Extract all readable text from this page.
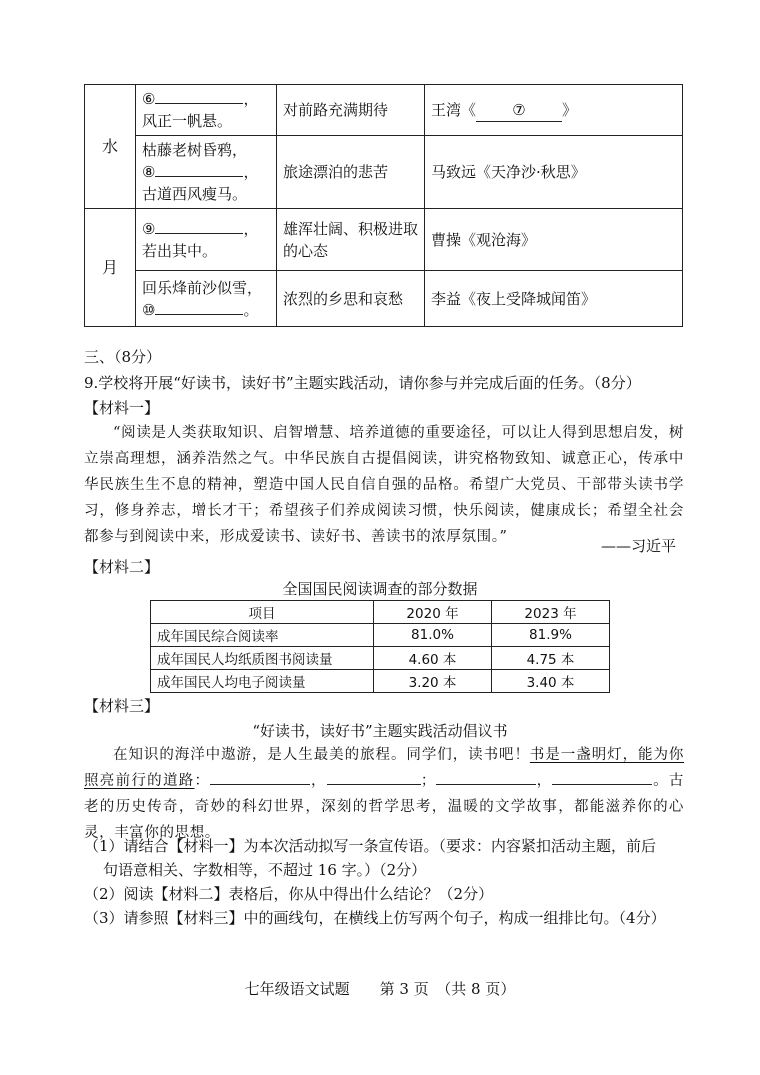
水	⑥ ，
风正一帆悬。	对前路充满期待	王湾《 ⑦ 》
	枯藤老树昏鸦，
⑧ ，
古道西风瘦马。	旅途漂泊的悲苦	马致远《天净沙·秋思》
月	⑨ ，
若出其中。	雄浑壮阔、积极进取
的心态	曹操《观沧海》
	回乐烽前沙似雪，
⑩ 。	浓烈的乡思和哀愁	李益《夜上受降城闻笛》
三、（8分）
9.学校将开展“好读书，读好书”主题实践活动，请你参与并完成后面的任务。（8分）
【材料一】
“阅读是人类获取知识、启智增慧、培养道德的重要途径，可以让人得到思想启发，树立崇高理想，涵养浩然之气。中华民族自古提倡阅读，讲究格物致知、诚意正心，传承中华民族生生不息的精神，塑造中国人民自信自强的品格。希望广大党员、干部带头读书学习，修身养志，增长才干；希望孩子们养成阅读习惯，快乐阅读，健康成长；希望全社会都参与到阅读中来，形成爱读书、读好书、善读书的浓厚氛围。”	——习近平
【材料二】
全国国民阅读调查的部分数据
项目	2020 年	2023 年
成年国民综合阅读率	81.0%	81.9%
成年国民人均纸质图书阅读量	4.60 本	4.75 本
成年国民人均电子阅读量	3.20 本	3.40 本
【材料三】
“好读书，读好书”主题实践活动倡议书
在知识的海洋中遨游，是人生最美的旅程。同学们，读书吧！书是一盏明灯，能为你照亮前行的道路：	，	；	，	。古老的历史传奇，奇妙的科幻世界，深刻的哲学思考，温暖的文学故事，都能滋养你的心灵，丰富你的思想。
（1）请结合【材料一】为本次活动拟写一条宣传语。（要求：内容紧扣活动主题，前后
句语意相关、字数相等，不超过 16 字。）（2分）
（2）阅读【材料二】表格后，你从中得出什么结论？（2分）
（3）请参照【材料三】中的画线句，在横线上仿写两个句子，构成一组排比句。（4分）
七年级语文试题　　第 3 页　（共 8 页）
